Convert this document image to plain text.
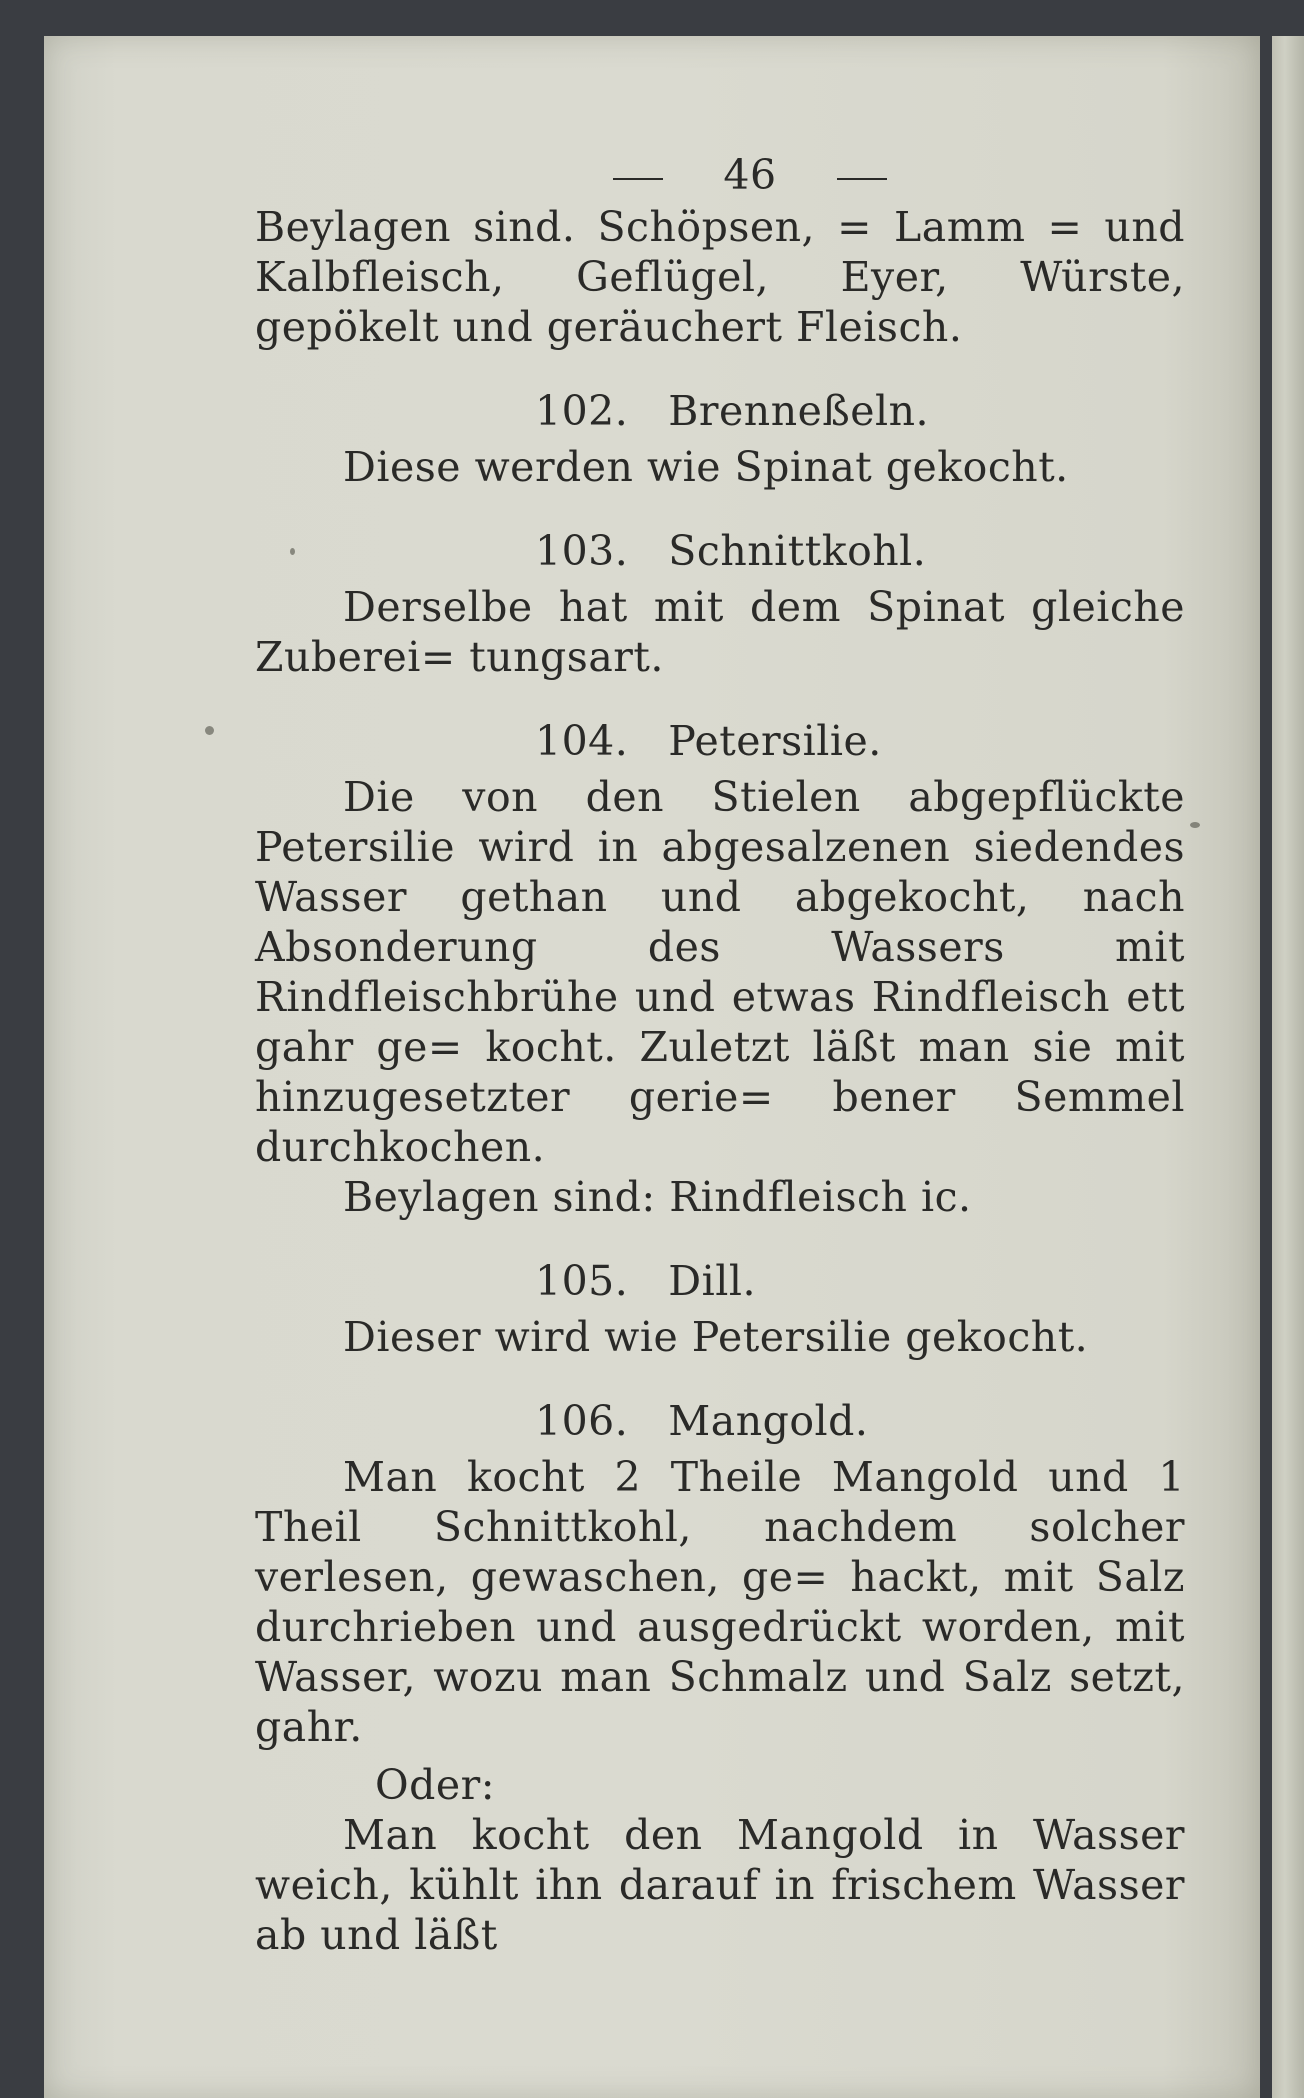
46

Beylagen sind. Schöpsen, = Lamm = und Kalbfleisch, Geflügel, Eyer, Würste, gepökelt und geräuchert Fleisch.

102. Brenneßeln.

Diese werden wie Spinat gekocht.

103. Schnittkohl.

Derselbe hat mit dem Spinat gleiche Zuberei= tungsart.

104. Petersilie.

Die von den Stielen abgepflückte Petersilie wird in abgesalzenen siedendes Wasser gethan und abgekocht, nach Absonderung des Wassers mit Rindfleischbrühe und etwas Rindfleisch ett gahr ge= kocht. Zuletzt läßt man sie mit hinzugesetzter gerie= bener Semmel durchkochen.

Beylagen sind: Rindfleisch ic.

105. Dill.

Dieser wird wie Petersilie gekocht.

106. Mangold.

Man kocht 2 Theile Mangold und 1 Theil Schnittkohl, nachdem solcher verlesen, gewaschen, ge= hackt, mit Salz durchrieben und ausgedrückt worden, mit Wasser, wozu man Schmalz und Salz setzt, gahr.

Oder:

Man kocht den Mangold in Wasser weich, kühlt ihn darauf in frischem Wasser ab und läßt
